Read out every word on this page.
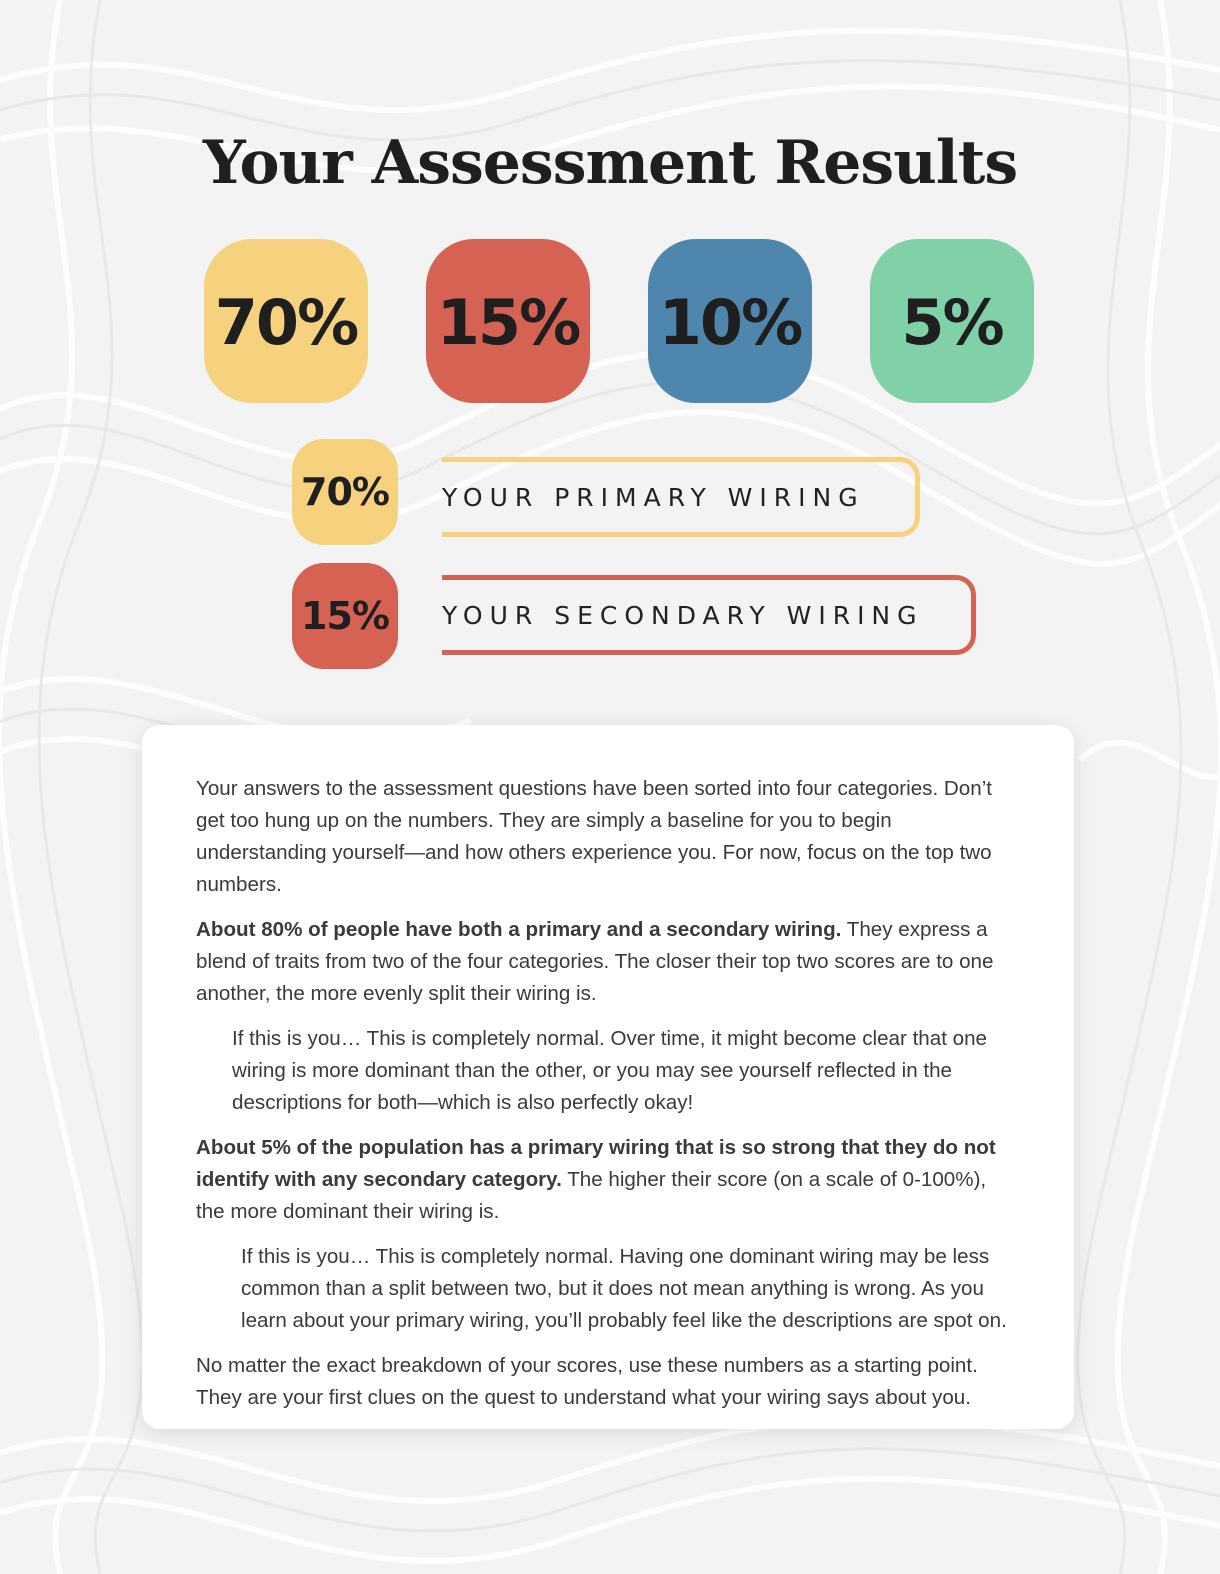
Your Assessment Results
70% 15% 10% 5%
70% YOUR PRIMARY WIRING
15% YOUR SECONDARY WIRING

Your answers to the assessment questions have been sorted into four categories. Don’t get too hung up on the numbers. They are simply a baseline for you to begin understanding yourself—and how others experience you. For now, focus on the top two numbers.

About 80% of people have both a primary and a secondary wiring. They express a blend of traits from two of the four categories. The closer their top two scores are to one another, the more evenly split their wiring is.

If this is you… This is completely normal. Over time, it might become clear that one wiring is more dominant than the other, or you may see yourself reflected in the descriptions for both—which is also perfectly okay!

About 5% of the population has a primary wiring that is so strong that they do not identify with any secondary category. The higher their score (on a scale of 0-100%), the more dominant their wiring is.

If this is you… This is completely normal. Having one dominant wiring may be less common than a split between two, but it does not mean anything is wrong. As you learn about your primary wiring, you’ll probably feel like the descriptions are spot on.

No matter the exact breakdown of your scores, use these numbers as a starting point. They are your first clues on the quest to understand what your wiring says about you.
